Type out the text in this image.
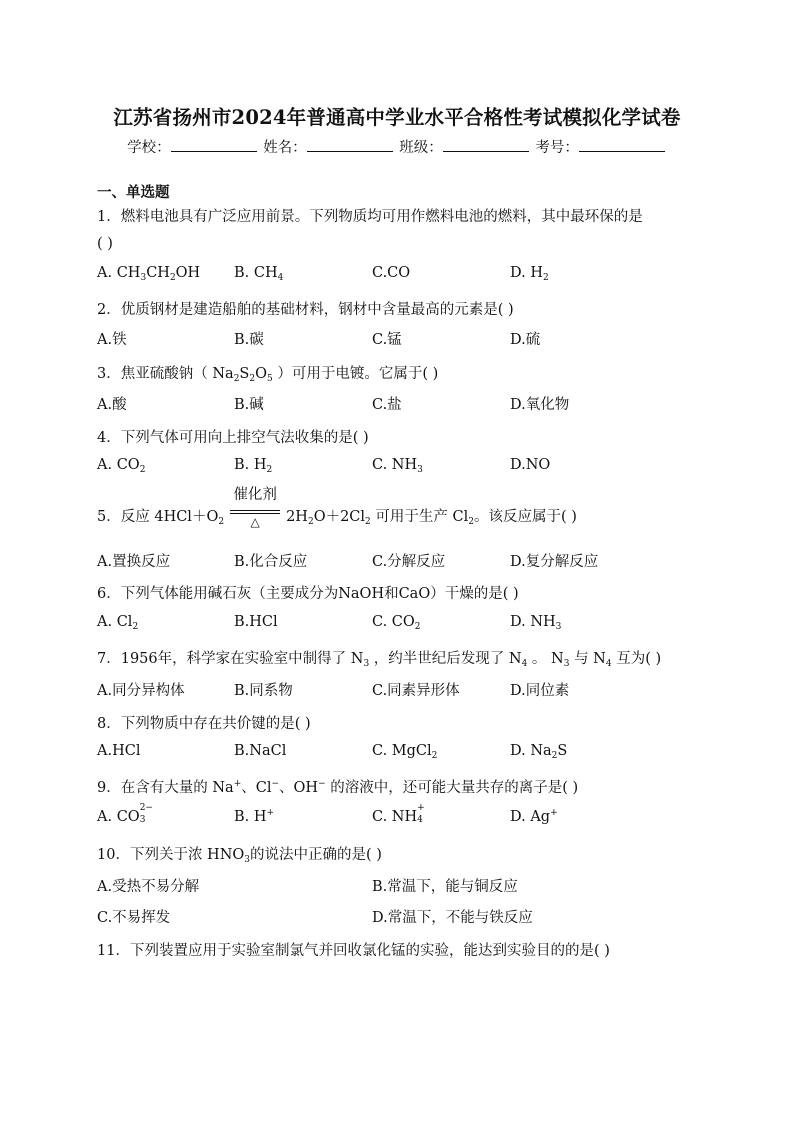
江苏省扬州市2024年普通高中学业水平合格性考试模拟化学试卷
学校：	姓名：	班级：	考号：
一、单选题
1．燃料电池具有广泛应用前景。下列物质均可用作燃料电池的燃料，其中最环保的是
( )
A. $CH_3CH_2OH$ B. $CH_4$	C.CO	D. $H_2$
2．优质钢材是建造船舶的基础材料，钢材中含量最高的元素是( )
A.铁	B.碳	C.锰	D.硫
3．焦亚硫酸钠（ $Na_2S_2O_5$ ）可用于电镀。它属于( )
A.酸	B.碱	C.盐	D.氧化物
4．下列气体可用向上排空气法收集的是( )
A. $CO_2$	B. $H_2$	C. $NH_3$	D.NO
5．反应 $4HCl+O_2$
催化剂
△	$2H_2O+2Cl_2$ 可用于生产 $Cl_2$。该反应属于( )
A.置换反应	B.化合反应	C.分解反应	D.复分解反应
6．下列气体能用碱石灰（主要成分为NaOH和CaO）干燥的是( )
A. $Cl_2$	B.HCl	C. $CO_2$	D. $NH_3$
7．1956年，科学家在实验室中制得了 $N_3$ ，约半世纪后发现了 $N_4$ 。 $N_3$ 与 $N_4$ 互为( )
A.同分异构体	B.同系物	C.同素异形体	D.同位素
8．下列物质中存在共价键的是( )
A.HCl	B.NaCl	C. MgCl$_2$	D. $Na_2S$
9．在含有大量的 Na+、Cl−、OH− 的溶液中，还可能大量共存的离子是( )
A. CO
2−
3	B. H+	C. NH
+
4	D. Ag+
10．下列关于浓 $HNO_3$的说法中正确的是( )
A.受热不易分解	B.常温下，能与铜反应
C.不易挥发	D.常温下，不能与铁反应
11．下列装置应用于实验室制氯气并回收氯化锰的实验，能达到实验目的的是( )
